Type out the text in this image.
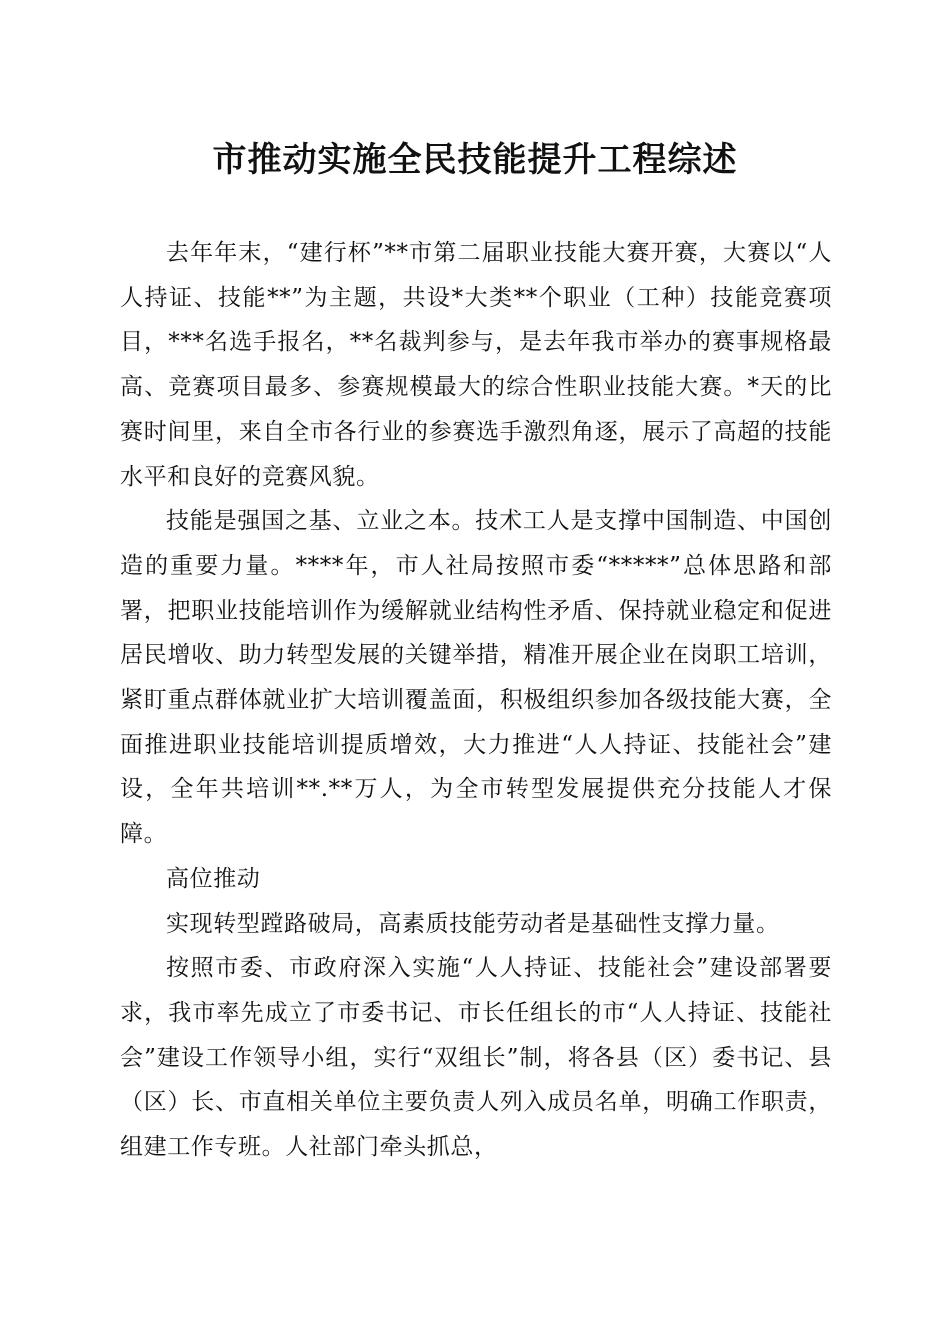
市推动实施全民技能提升工程综述

去年年末，“建行杯”**市第二届职业技能大赛开赛，大赛以“人人持证、技能**”为主题，共设*大类**个职业（工种）技能竞赛项目，***名选手报名，**名裁判参与，是去年我市举办的赛事规格最高、竞赛项目最多、参赛规模最大的综合性职业技能大赛。*天的比赛时间里，来自全市各行业的参赛选手激烈角逐，展示了高超的技能水平和良好的竞赛风貌。

技能是强国之基、立业之本。技术工人是支撑中国制造、中国创造的重要力量。****年，市人社局按照市委“*****”总体思路和部署，把职业技能培训作为缓解就业结构性矛盾、保持就业稳定和促进居民增收、助力转型发展的关键举措，精准开展企业在岗职工培训，紧盯重点群体就业扩大培训覆盖面，积极组织参加各级技能大赛，全面推进职业技能培训提质增效，大力推进“人人持证、技能社会”建设，全年共培训**.**万人，为全市转型发展提供充分技能人才保障。

高位推动

实现转型蹚路破局，高素质技能劳动者是基础性支撑力量。

按照市委、市政府深入实施“人人持证、技能社会”建设部署要求，我市率先成立了市委书记、市长任组长的市“人人持证、技能社会”建设工作领导小组，实行“双组长”制，将各县（区）委书记、县（区）长、市直相关单位主要负责人列入成员名单，明确工作职责，组建工作专班。人社部门牵头抓总，
